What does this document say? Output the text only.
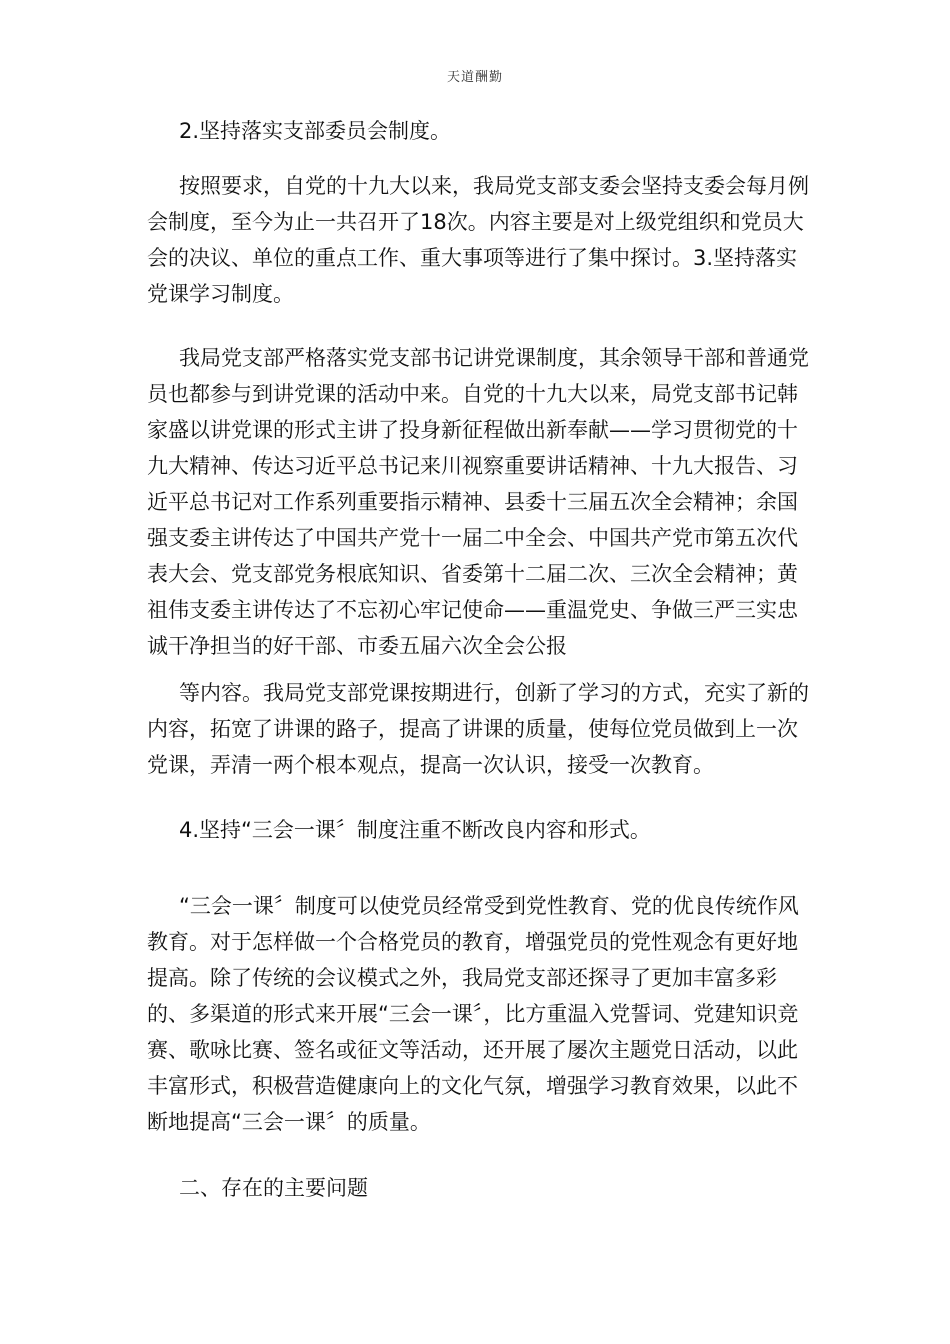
天道酬勤

2.坚持落实支部委员会制度。

按照要求，自党的十九大以来，我局党支部支委会坚持支委会每月例会制度，至今为止一共召开了18次。内容主要是对上级党组织和党员大会的决议、单位的重点工作、重大事项等进行了集中探讨。3.坚持落实党课学习制度。

我局党支部严格落实党支部书记讲党课制度，其余领导干部和普通党员也都参与到讲党课的活动中来。自党的十九大以来，局党支部书记韩家盛以讲党课的形式主讲了投身新征程做出新奉献——学习贯彻党的十九大精神、传达习近平总书记来川视察重要讲话精神、十九大报告、习近平总书记对工作系列重要指示精神、县委十三届五次全会精神；余国强支委主讲传达了中国共产党十一届二中全会、中国共产党市第五次代表大会、党支部党务根底知识、省委第十二届二次、三次全会精神；黄祖伟支委主讲传达了不忘初心牢记使命——重温党史、争做三严三实忠诚干净担当的好干部、市委五届六次全会公报

等内容。我局党支部党课按期进行，创新了学习的方式，充实了新的内容，拓宽了讲课的路子，提高了讲课的质量，使每位党员做到上一次党课，弄清一两个根本观点，提高一次认识，接受一次教育。

4.坚持“三会一课〞制度注重不断改良内容和形式。

“三会一课〞制度可以使党员经常受到党性教育、党的优良传统作风教育。对于怎样做一个合格党员的教育，增强党员的党性观念有更好地提高。除了传统的会议模式之外，我局党支部还探寻了更加丰富多彩的、多渠道的形式来开展“三会一课〞，比方重温入党誓词、党建知识竞赛、歌咏比赛、签名或征文等活动，还开展了屡次主题党日活动，以此丰富形式，积极营造健康向上的文化气氛，增强学习教育效果，以此不断地提高“三会一课〞的质量。

二、存在的主要问题
